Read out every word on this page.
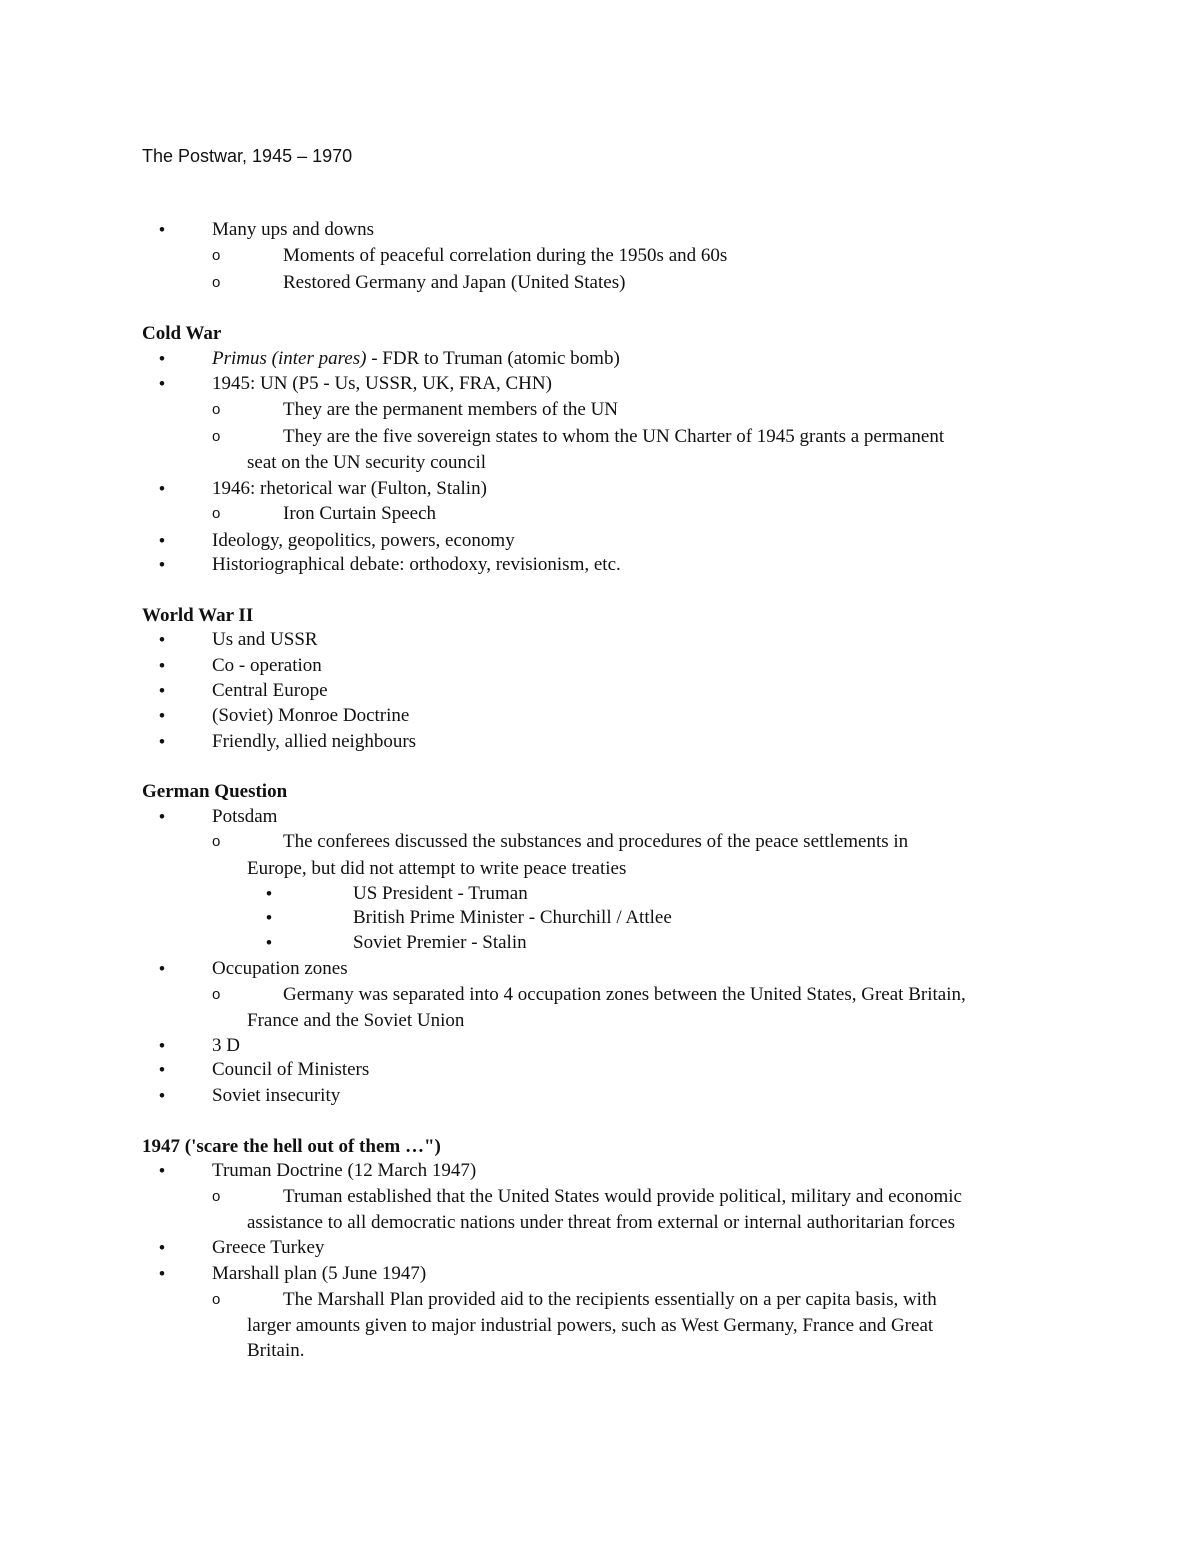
The Postwar, 1945 – 1970
• Many ups and downs
o	Moments of peaceful correlation during the 1950s and 60s
o	Restored Germany and Japan (United States)
Cold War
• Primus (inter pares) - FDR to Truman (atomic bomb)
• 1945: UN (P5 - Us, USSR, UK, FRA, CHN)
o	They are the permanent members of the UN
o	They are the five sovereign states to whom the UN Charter of 1945 grants a permanent
seat on the UN security council
• 1946: rhetorical war (Fulton, Stalin)
o	Iron Curtain Speech
• Ideology, geopolitics, powers, economy
• Historiographical debate: orthodoxy, revisionism, etc.
World War II
• Us and USSR
• Co - operation
• Central Europe
• (Soviet) Monroe Doctrine
• Friendly, allied neighbours
German Question
• Potsdam
o	The conferees discussed the substances and procedures of the peace settlements in
Europe, but did not attempt to write peace treaties
•	US President - Truman
•	British Prime Minister - Churchill / Attlee
•	Soviet Premier - Stalin
• Occupation zones
o	Germany was separated into 4 occupation zones between the United States, Great Britain,
France and the Soviet Union
• 3 D
• Council of Ministers
• Soviet insecurity
1947 ('scare the hell out of them …")
• Truman Doctrine (12 March 1947)
o	Truman established that the United States would provide political, military and economic
assistance to all democratic nations under threat from external or internal authoritarian forces
• Greece Turkey
• Marshall plan (5 June 1947)
o	The Marshall Plan provided aid to the recipients essentially on a per capita basis, with
larger amounts given to major industrial powers, such as West Germany, France and Great
Britain.
